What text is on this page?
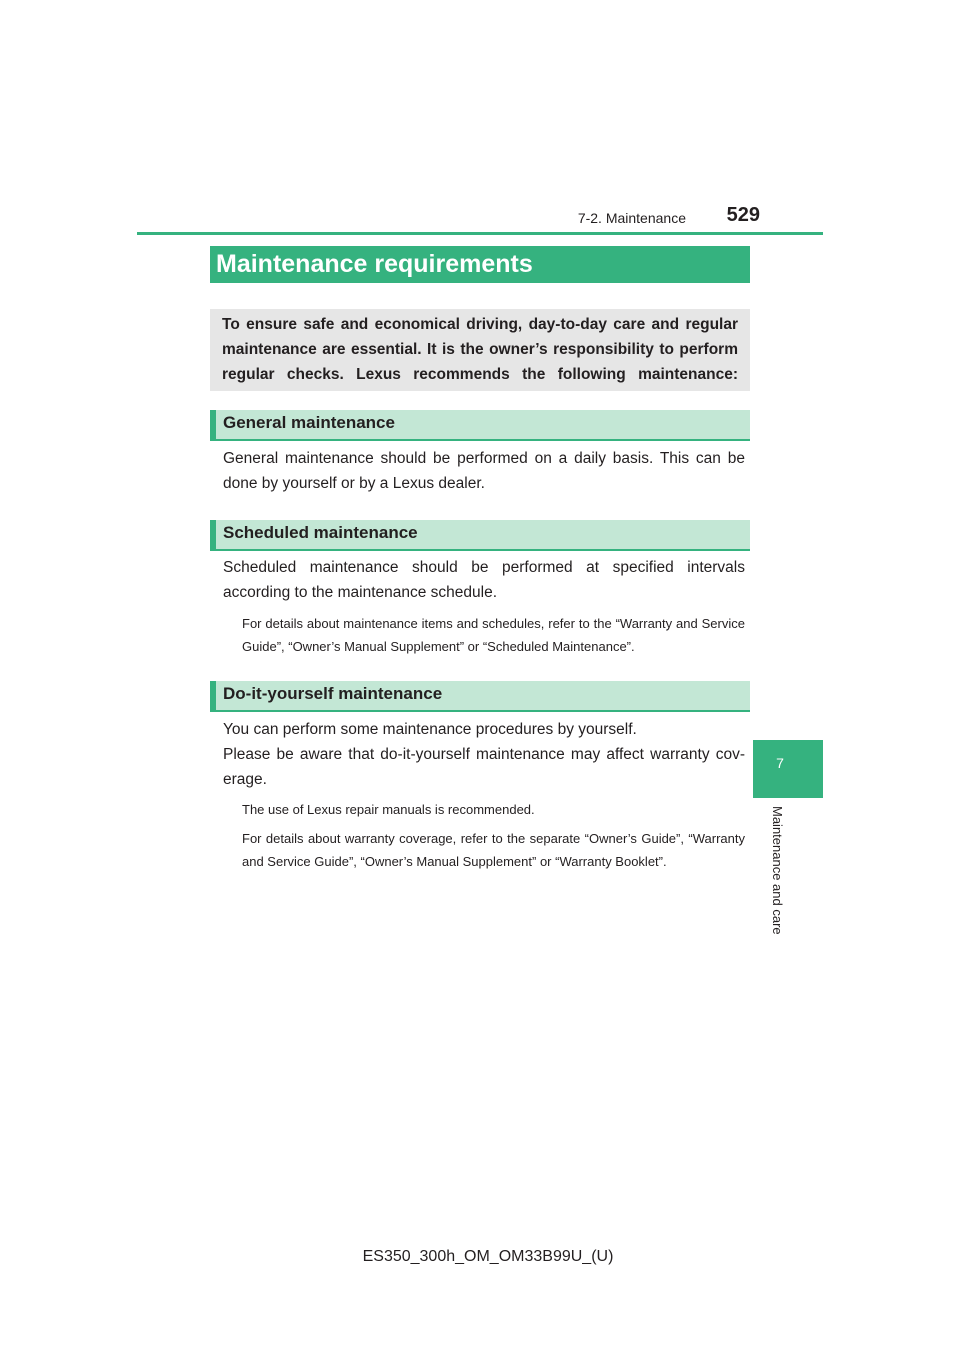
7-2. Maintenance	529
Maintenance requirements
To ensure safe and economical driving, day-to-day care and regular
maintenance are essential. It is the owner’s responsibility to perform
regular checks. Lexus recommends the following maintenance:
General maintenance
General maintenance should be performed on a daily basis. This can be done by yourself or by a Lexus dealer.
Scheduled maintenance
Scheduled maintenance should be performed at specified intervals according to the maintenance schedule.
For details about maintenance items and schedules, refer to the “Warranty and Service Guide”, “Owner’s Manual Supplement” or “Scheduled Maintenance”.
Do-it-yourself maintenance
You can perform some maintenance procedures by yourself.
Please be aware that do-it-yourself maintenance may affect warranty cov-erage.
The use of Lexus repair manuals is recommended.
For details about warranty coverage, refer to the separate “Owner’s Guide”, “Warranty and Service Guide”, “Owner’s Manual Supplement” or “Warranty Booklet”.
7
Maintenance and care
ES350_300h_OM_OM33B99U_(U)
